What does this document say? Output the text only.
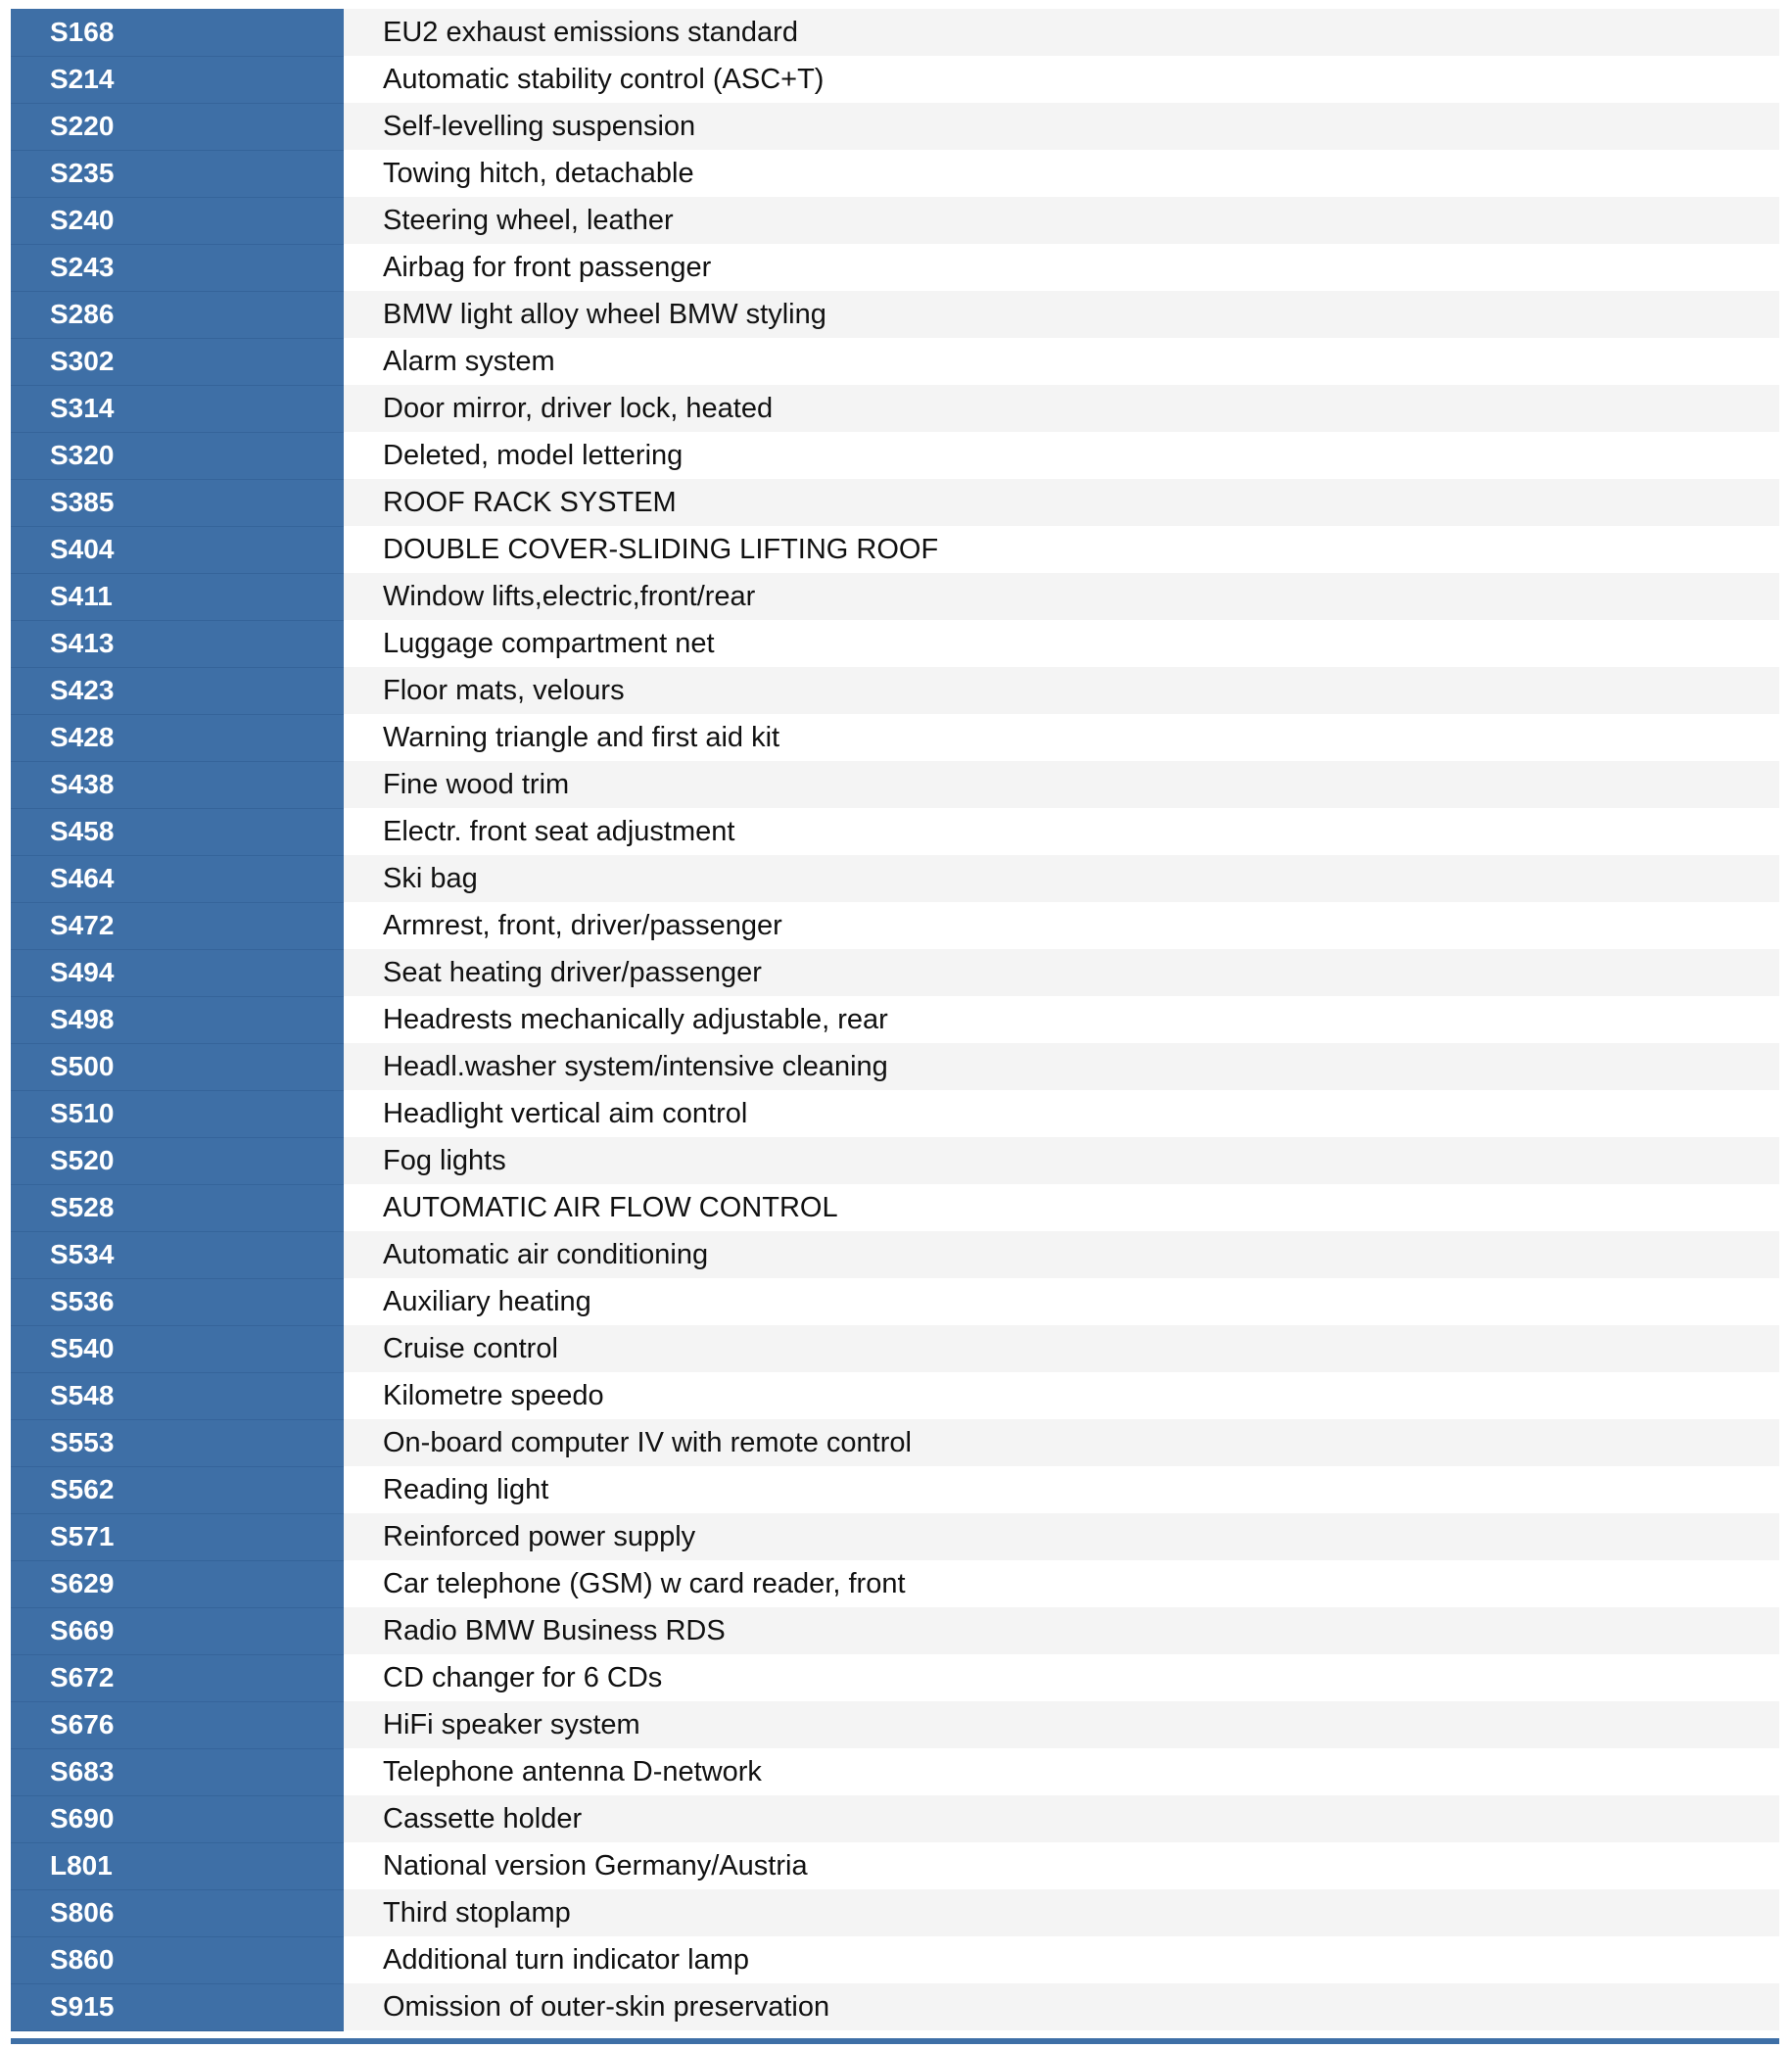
S168	EU2 exhaust emissions standard
S214	Automatic stability control (ASC+T)
S220	Self-levelling suspension
S235	Towing hitch, detachable
S240	Steering wheel, leather
S243	Airbag for front passenger
S286	BMW light alloy wheel BMW styling
S302	Alarm system
S314	Door mirror, driver lock, heated
S320	Deleted, model lettering
S385	ROOF RACK SYSTEM
S404	DOUBLE COVER-SLIDING LIFTING ROOF
S411	Window lifts,electric,front/rear
S413	Luggage compartment net
S423	Floor mats, velours
S428	Warning triangle and first aid kit
S438	Fine wood trim
S458	Electr. front seat adjustment
S464	Ski bag
S472	Armrest, front, driver/passenger
S494	Seat heating driver/passenger
S498	Headrests mechanically adjustable, rear
S500	Headl.washer system/intensive cleaning
S510	Headlight vertical aim control
S520	Fog lights
S528	AUTOMATIC AIR FLOW CONTROL
S534	Automatic air conditioning
S536	Auxiliary heating
S540	Cruise control
S548	Kilometre speedo
S553	On-board computer IV with remote control
S562	Reading light
S571	Reinforced power supply
S629	Car telephone (GSM) w card reader, front
S669	Radio BMW Business RDS
S672	CD changer for 6 CDs
S676	HiFi speaker system
S683	Telephone antenna D-network
S690	Cassette holder
L801	National version Germany/Austria
S806	Third stoplamp
S860	Additional turn indicator lamp
S915	Omission of outer-skin preservation
